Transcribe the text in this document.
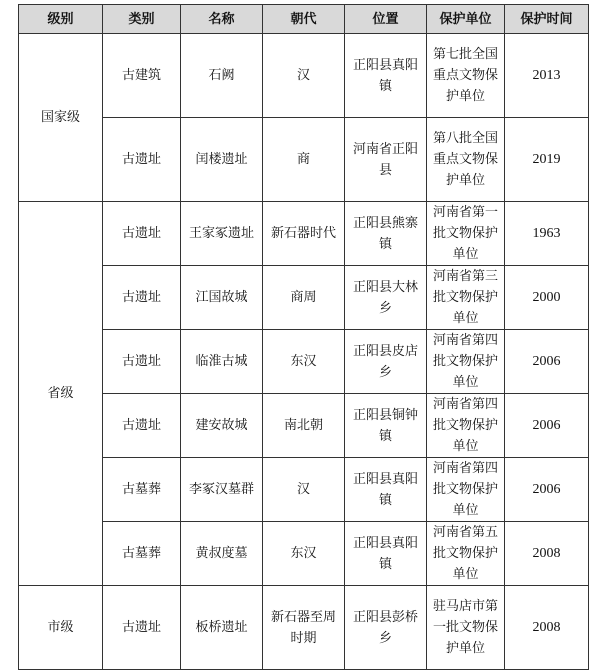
级别	类别	名称	朝代	位置	保护单位	保护时间
国家级	古建筑	石阙	汉	正阳县真阳镇	第七批全国重点文物保护单位	2013
	古遗址	闰楼遗址	商	河南省正阳县	第八批全国重点文物保护单位	2019
省级	古遗址	王家冢遗址	新石器时代	正阳县熊寨镇	河南省第一批文物保护单位	1963
	古遗址	江国故城	商周	正阳县大林乡	河南省第三批文物保护单位	2000
	古遗址	临淮古城	东汉	正阳县皮店乡	河南省第四批文物保护单位	2006
	古遗址	建安故城	南北朝	正阳县铜钟镇	河南省第四批文物保护单位	2006
	古墓葬	李冢汉墓群	汉	正阳县真阳镇	河南省第四批文物保护单位	2006
	古墓葬	黄叔度墓	东汉	正阳县真阳镇	河南省第五批文物保护单位	2008
市级	古遗址	板桥遗址	新石器至周时期	正阳县彭桥乡	驻马店市第一批文物保护单位	2008
